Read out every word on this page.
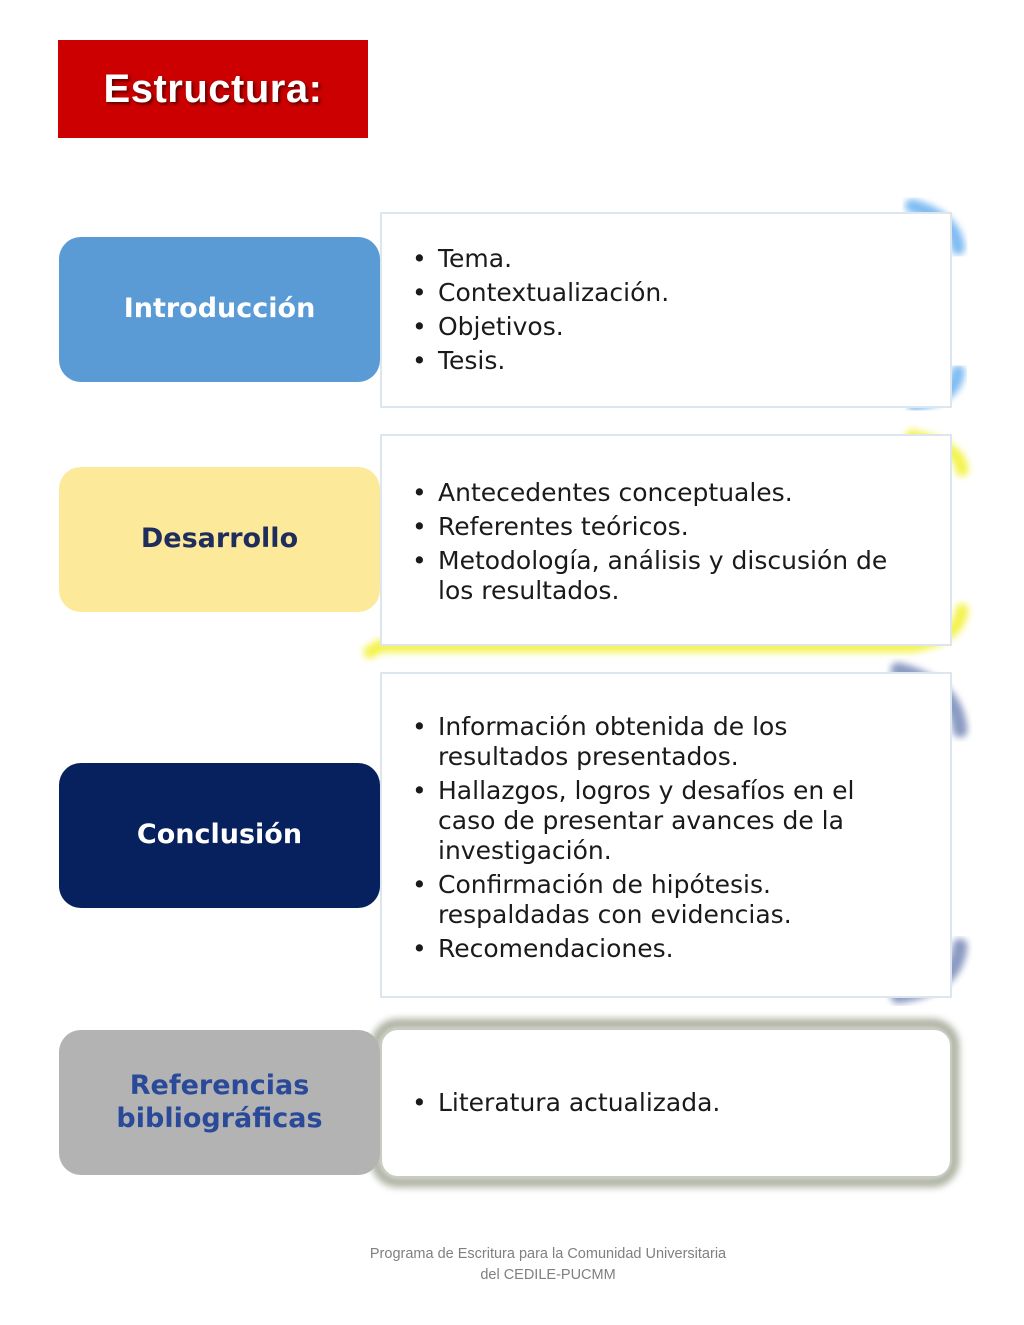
Estructura:
• Tema.
• Contextualización.
• Objetivos.
• Tesis.
Introducción
• Antecedentes conceptuales.
• Referentes teóricos.
• Metodología, análisis y discusión de los resultados.
Desarrollo
• Información obtenida de los resultados presentados.
• Hallazgos, logros y desafíos en el caso de presentar avances de la investigación.
• Confirmación de hipótesis. respaldadas con evidencias.
• Recomendaciones.
Conclusión
• Literatura actualizada.
Referencias bibliográficas
Programa de Escritura para la Comunidad Universitaria
del CEDILE-PUCMM
